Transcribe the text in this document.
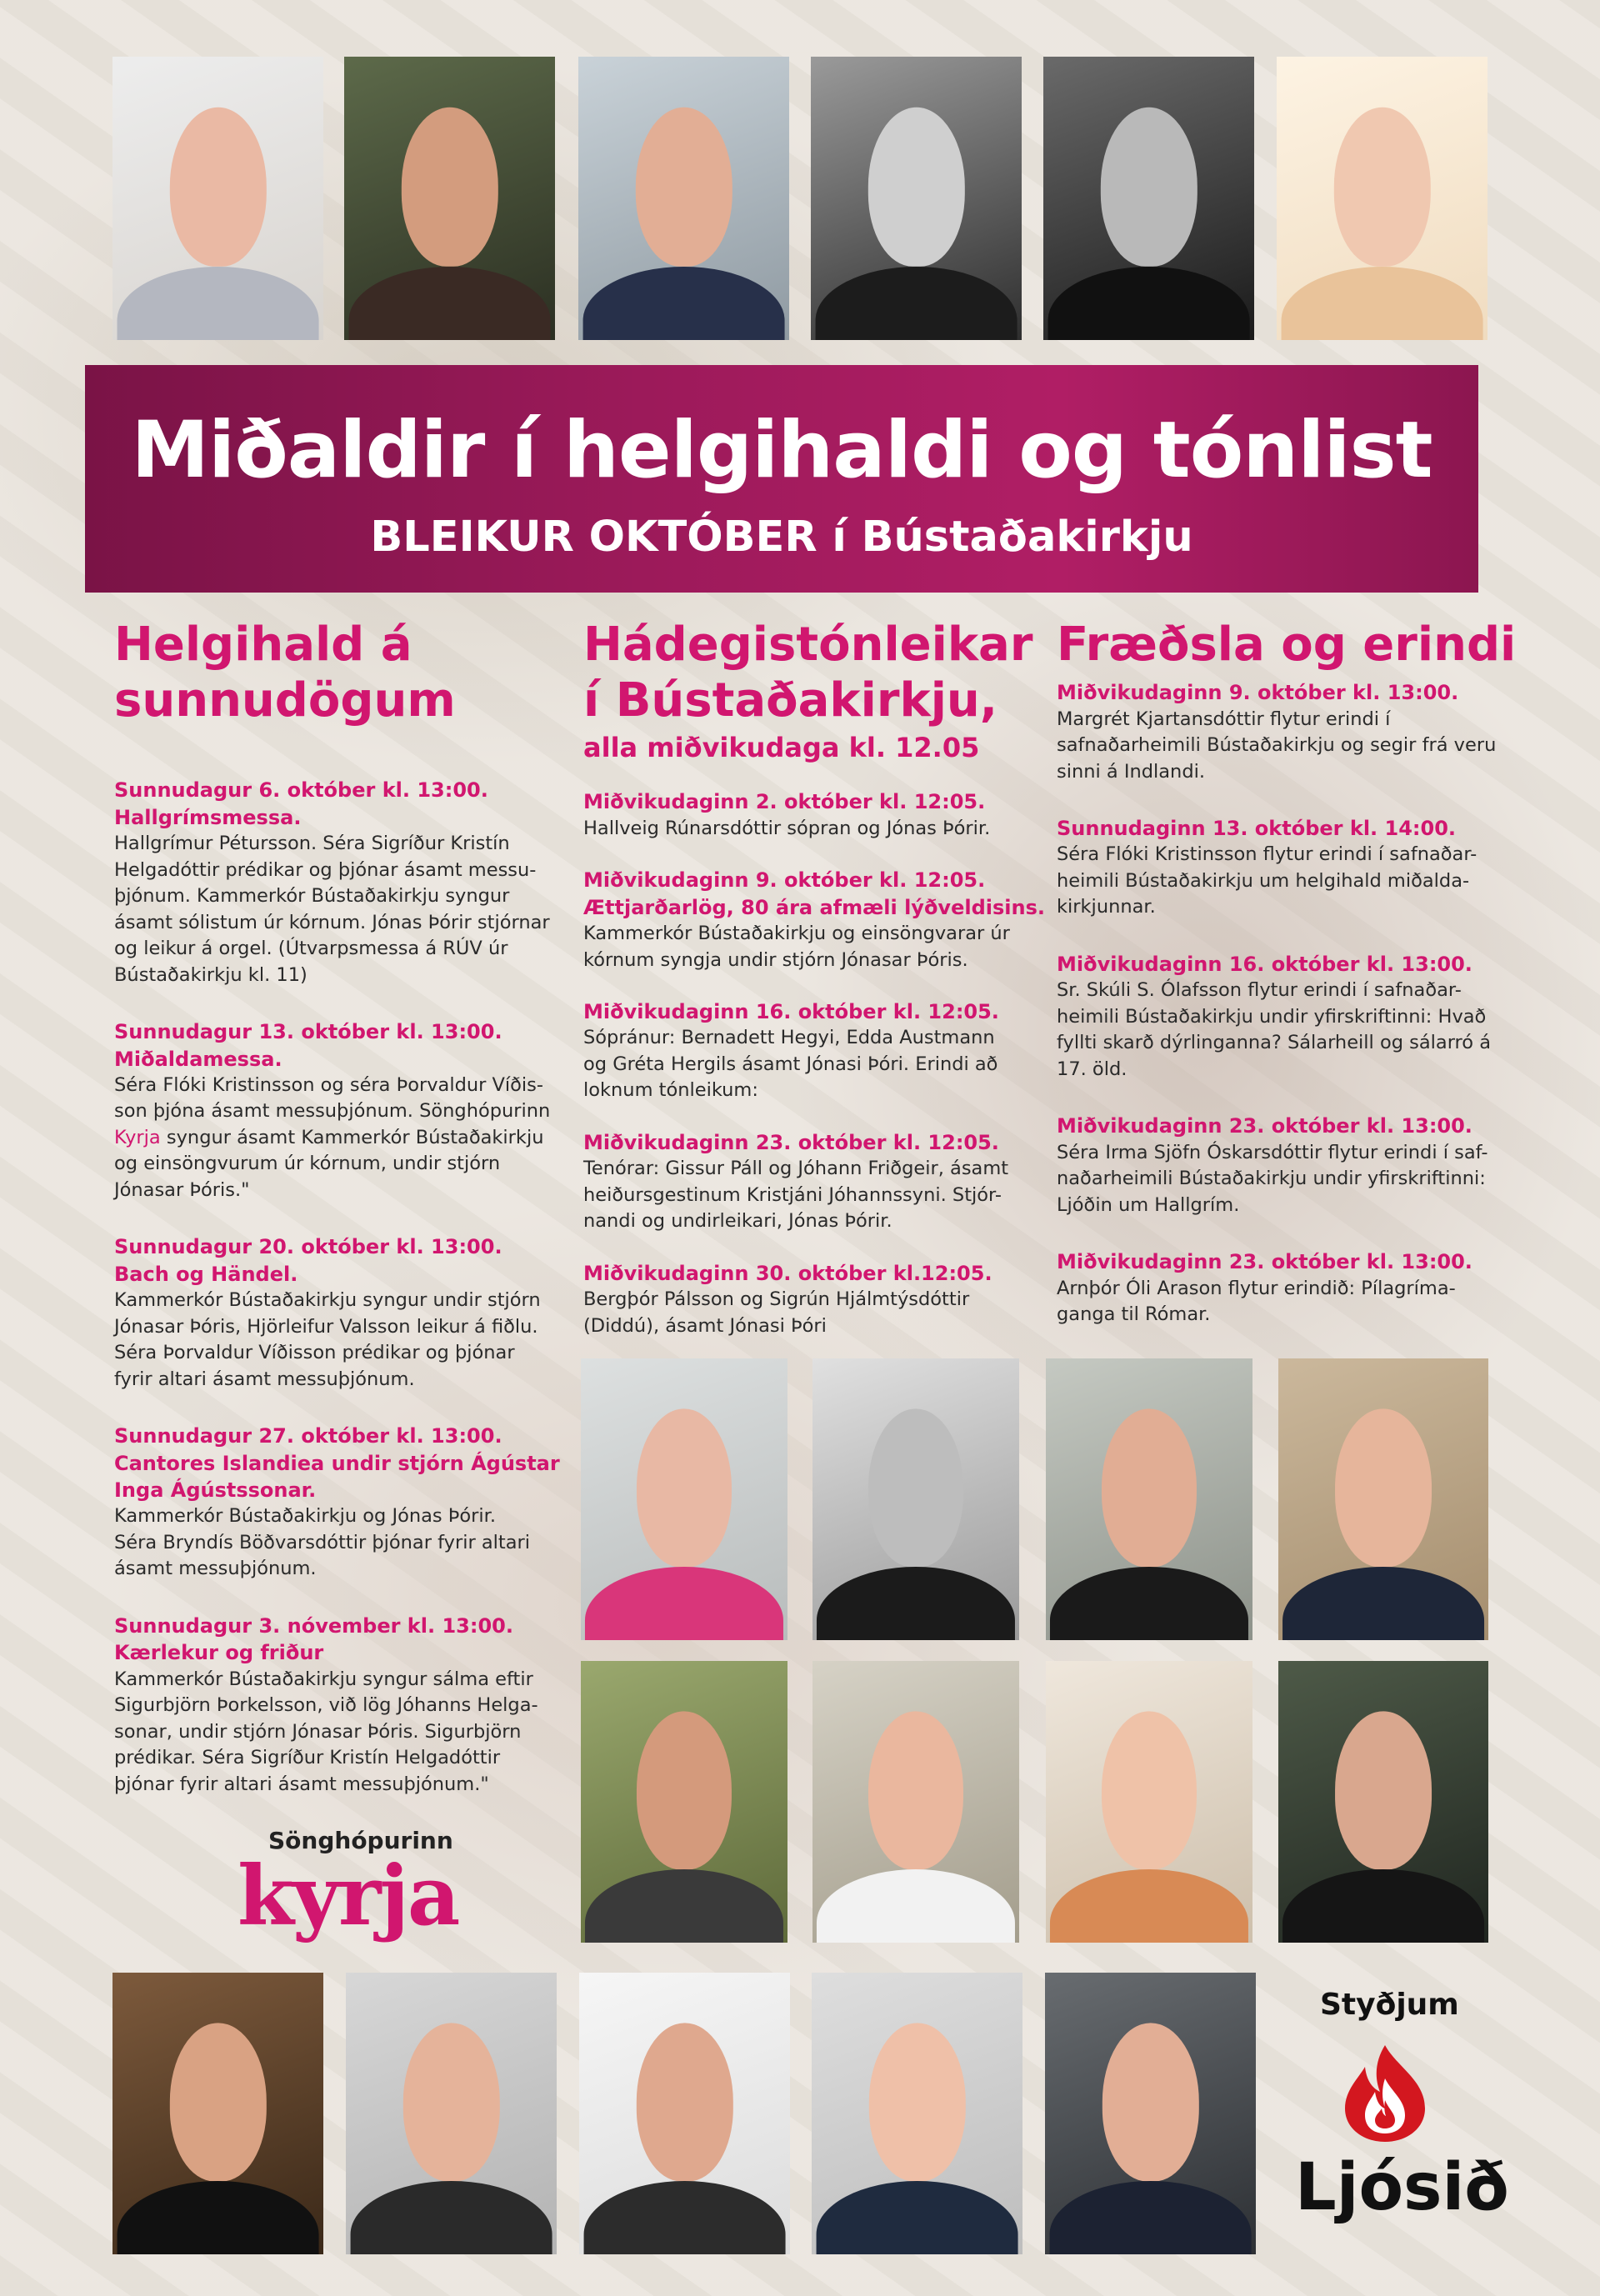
Miðaldir í helgihaldi og tónlist
BLEIKUR OKTÓBER í Bústaðakirkju
Helgihald á
sunnudögum
Sunnudagur 6. október kl. 13:00.
Hallgrímsmessa.
Hallgrímur Pétursson. Séra Sigríður Kristín
Helgadóttir prédikar og þjónar ásamt messu-
þjónum. Kammerkór Bústaðakirkju syngur
ásamt sólistum úr kórnum. Jónas Þórir stjórnar
og leikur á orgel. (Útvarpsmessa á RÚV úr
Bústaðakirkju kl. 11)
Sunnudagur 13. október kl. 13:00.
Miðaldamessa.
Séra Flóki Kristinsson og séra Þorvaldur Víðis-
son þjóna ásamt messuþjónum. Sönghópurinn
Kyrja syngur ásamt Kammerkór Bústaðakirkju
og einsöngvurum úr kórnum, undir stjórn
Jónasar Þóris."
Sunnudagur 20. október kl. 13:00.
Bach og Händel.
Kammerkór Bústaðakirkju syngur undir stjórn
Jónasar Þóris, Hjörleifur Valsson leikur á fiðlu.
Séra Þorvaldur Víðisson prédikar og þjónar
fyrir altari ásamt messuþjónum.
Sunnudagur 27. október kl. 13:00.
Cantores Islandiea undir stjórn Ágústar
Inga Ágústssonar.
Kammerkór Bústaðakirkju og Jónas Þórir.
Séra Bryndís Böðvarsdóttir þjónar fyrir altari
ásamt messuþjónum.
Sunnudagur 3. nóvember kl. 13:00.
Kærlekur og friður
Kammerkór Bústaðakirkju syngur sálma eftir
Sigurbjörn Þorkelsson, við lög Jóhanns Helga-
sonar, undir stjórn Jónasar Þóris. Sigurbjörn
prédikar. Séra Sigríður Kristín Helgadóttir
þjónar fyrir altari ásamt messuþjónum."
Hádegistónleikar
í Bústaðakirkju,
alla miðvikudaga kl. 12.05
Miðvikudaginn 2. október kl. 12:05.
Hallveig Rúnarsdóttir sópran og Jónas Þórir.
Miðvikudaginn 9. október kl. 12:05.
Ættjarðarlög, 80 ára afmæli lýðveldisins.
Kammerkór Bústaðakirkju og einsöngvarar úr
kórnum syngja undir stjórn Jónasar Þóris.
Miðvikudaginn 16. október kl. 12:05.
Sópránur: Bernadett Hegyi, Edda Austmann
og Gréta Hergils ásamt Jónasi Þóri. Erindi að
loknum tónleikum:
Miðvikudaginn 23. október kl. 12:05.
Tenórar: Gissur Páll og Jóhann Friðgeir, ásamt
heiðursgestinum Kristjáni Jóhannssyni. Stjór-
nandi og undirleikari, Jónas Þórir.
Miðvikudaginn 30. október kl.12:05.
Bergþór Pálsson og Sigrún Hjálmtýsdóttir
(Diddú), ásamt Jónasi Þóri
Fræðsla og erindi
Miðvikudaginn 9. október kl. 13:00.
Margrét Kjartansdóttir flytur erindi í
safnaðarheimili Bústaðakirkju og segir frá veru
sinni á Indlandi.
Sunnudaginn 13. október kl. 14:00.
Séra Flóki Kristinsson flytur erindi í safnaðar-
heimili Bústaðakirkju um helgihald miðalda-
kirkjunnar.
Miðvikudaginn 16. október kl. 13:00.
Sr. Skúli S. Ólafsson flytur erindi í safnaðar-
heimili Bústaðakirkju undir yfirskriftinni: Hvað
fyllti skarð dýrlinganna? Sálarheill og sálarró á
17. öld.
Miðvikudaginn 23. október kl. 13:00.
Séra Irma Sjöfn Óskarsdóttir flytur erindi í saf-
naðarheimili Bústaðakirkju undir yfirskriftinni:
Ljóðin um Hallgrím.
Miðvikudaginn 23. október kl. 13:00.
Arnþór Óli Arason flytur erindið: Pílagríma-
ganga til Rómar.
Sönghópurinn
kyrja
Styðjum
Ljósið
